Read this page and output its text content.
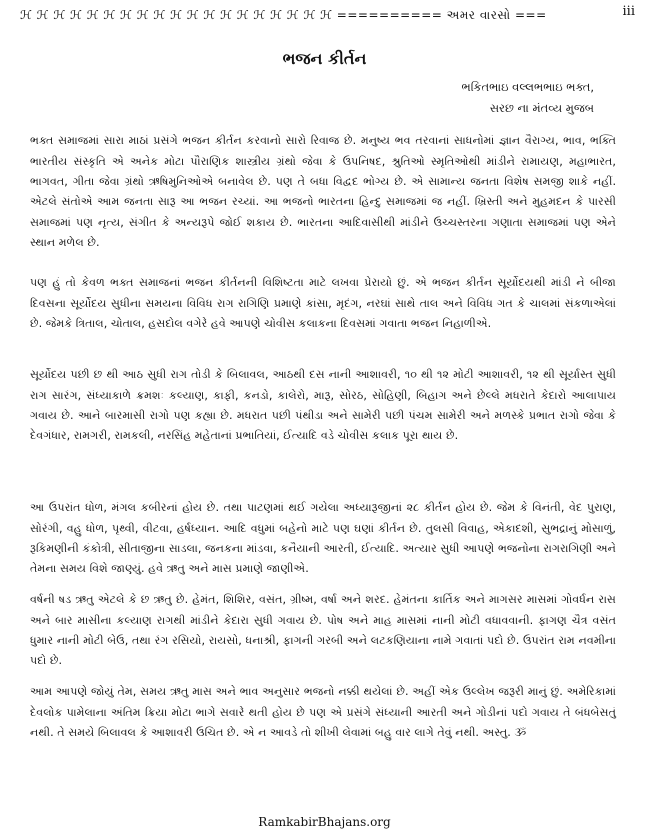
ℋ ℋ ℋ ℋ ℋ ℋ ℋ ℋ ℋ ℋ ℋ ℋ ℋ ℋ ℋ ℋ ℋ ℋ ℋ ========== અમર વારસો ===	iii
ભજન કીર્તન
ભકિતભાઇ વલ્લભભાઇ ભક્ત,
સરછ ના મંતવ્ય મુજબ

ભક્ત સમાજમાં સારા માઠાં પ્રસંગે ભજન કીર્તન કરવાનો સારો રિવાજ છે. મનુષ્ય ભવ તરવાનાં સાધનોમાં જ્ઞાન વૈરાગ્ય, ભાવ, ભક્તિ ભારતીય સંસ્કૃતિ એ અનેક મોટા પૌરાણિક શાસ્ત્રીય ગ્રંથો જેવા કે ઉપનિષદ, શ્રુતિઓ સ્મૃતિઓથી માંડીને રામાયણ, મહાભારત, ભાગવત, ગીતા જેવા ગ્રંથો ઋષિમુનિઓએ બનાવેલ છે. પણ તે બધા વિદ્વદ ભોગ્ય છે. એ સામાન્ય જનતા વિશેષ સમજી શાકે નહીં. એટલે સંતોએ આમ જનતા સારૂ આ ભજન રચ્યાં. આ ભજનો ભારતના હિન્દુ સમાજમાં જ નહીં. ખ્રિસ્તી અને મુહમદન કે પારસી સમાજમાં પણ નૃત્ય, સંગીત કે અન્યરૂપે જોઈ શકાય છે. ભારતના આદિવાસીથી માંડીને ઉચ્ચસ્તરના ગણાતા સમાજમાં પણ એને સ્થાન મળેલ છે.

પણ હું તો કેવળ ભક્ત સમાજનાં ભજન કીર્તનની વિશિષ્ટતા માટે લખવા પ્રેરાયો છું. એ ભજન કીર્તન સૂર્યોદયથી માંડી ને બીજા દિવસના સૂર્યોદય સુધીના સમયના વિવિધ રાગ રાગિણિ પ્રમાણે કાંસા, મૃદંગ, નરઘાં સાથે તાલ અને વિવિધ ગત કે ચાલમાં સંકળાએલાં છે. જેમકે ત્રિતાલ, ચોતાલ, હસદોલ વગેરે હવે આપણે ચોવીસ કલાકના દિવસમાં ગવાતા ભજન નિહાળીએ.

સૂર્યોદય પછી છ થી આઠ સુધી રાગ તોડી કે બિલાવલ, આઠથી દસ નાની આશાવરી, ૧૦ થી ૧૨ મોટી આશાવરી, ૧૨ થી સૂર્યાસ્ત સુધી રાગ સારંગ, સંધ્યાકાળે ક્રમશઃ કલ્યાણ, કાફી, કનડો, કાલેરો, મારૂ, સોરઠ, સોહિણી, બિહાગ અને છેલ્લે મધરાતે કેદારો આલાપાય ગવાય છે. આને બારમાસી રાગો પણ કહ્યા છે. મધરાત પછી પંથીડા અને સામેરી પછી પંચમ સામેરી અને મળસ્કે પ્રભાત રાગો જેવા કે દેવગંધાર, રામગરી, રામકલી, નરસિંહ મહેતાનાં પ્રભાતિયાં, ઈત્યાદિ વડે ચોવીસ કલાક પૂરા થાય છે.

આ ઉપરાંત ધોળ, મંગલ કબીરનાં હોય છે. તથા પાટણમાં થઈ ગયેલા અધ્યારૂજીનાં ૨૮ કીર્તન હોય છે. જેમ કે વિનંતી, વેદ પુરાણ, સોરંગી, વહુ ધોળ, પૃથ્વી, વીટવા, હર્ષધ્યાન. આદિ વધુમાં બહેનો માટે પણ ઘણાં કીર્તન છે. તુલસી વિવાહ, એકાદશી, સુભદ્રાનું મોસાળું, રૂકિમણીની કંકોત્રી, સીતાજીના સાડલા, જનકના માંડવા, કનૈયાની આરતી, ઈત્યાદિ. અત્યાર સુધી આપણે ભજનોના રાગરાગિણી અને તેમના સમય વિશે જાણ્યું. હવે ઋતુ અને માસ પ્રમાણે જાણીએ.

વર્ષની ષડ ઋતુ એટલે કે છ ઋતુ છે. હેમંત, શિશિર, વસંત, ગ્રીષ્મ, વર્ષા અને શરદ. હેમંતના કાર્તિક અને માગસર માસમાં ગોવર્ધન રાસ અને બાર માસીના કલ્યાણ રાગથી માંડીને કેદારા સુધી ગવાય છે. પોષ અને માહ માસમાં નાની મોટી વધાવવાની. ફાગણ ચૈત્ર વસંત ધુમાર નાની મોટી બેઉ, તથા રંગ રસિયો, રાયસો, ધનાશ્રી, ફાગની ગરબી અને લટકણિયાના નામે ગવાતાં પદો છે. ઉપરાંત રામ નવમીના પદો છે.

આમ આપણે જોયું તેમ, સમય ઋતુ માસ અને ભાવ અનુસાર ભજનો નક્કી થયેલાં છે. અહીં એક ઉલ્લેખ જરૂરી માનું છું. અમેરિકામાં દેવલોક પામેલાના અંતિમ ક્રિયા મોટા ભાગે સવારે થતી હોય છે પણ એ પ્રસંગે સંધ્યાની આરતી અને ગોડીનાં પદો ગવાય તે બંધબેસતું નથી. તે સમયે બિલાવલ કે આશાવરી ઉચિત છે. એ ન આવડે તો શીખી લેવામાં બહુ વાર લાગે તેવું નથી. અસ્તુ. ૐ

RamkabirBhajans.org
